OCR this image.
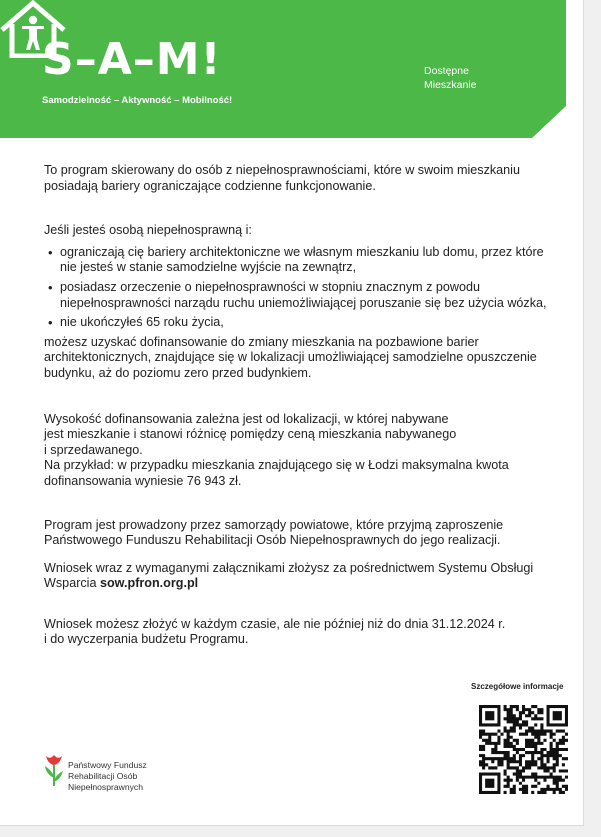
S–A–M!
Samodzielność – Aktywność – Mobilność!
Dostępne
Mieszkanie

To program skierowany do osób z niepełnosprawnościami, które w swoim mieszkaniu posiadają bariery ograniczające codzienne funkcjonowanie.

Jeśli jesteś osobą niepełnosprawną i:

• ograniczają cię bariery architektoniczne we własnym mieszkaniu lub domu, przez które nie jesteś w stanie samodzielne wyjście na zewnątrz,
• posiadasz orzeczenie o niepełnosprawności w stopniu znacznym z powodu niepełnosprawności narządu ruchu uniemożliwiającej poruszanie się bez użycia wózka,
• nie ukończyłeś 65 roku życia,

możesz uzyskać dofinansowanie do zmiany mieszkania na pozbawione barier architektonicznych, znajdujące się w lokalizacji umożliwiającej samodzielne opuszczenie budynku, aż do poziomu zero przed budynkiem.

Wysokość dofinansowania zależna jest od lokalizacji, w której nabywane
jest mieszkanie i stanowi różnicę pomiędzy ceną mieszkania nabywanego
i sprzedawanego.

Na przykład: w przypadku mieszkania znajdującego się w Łodzi maksymalna kwota dofinansowania wyniesie 76 943 zł.

Program jest prowadzony przez samorządy powiatowe, które przyjmą zaproszenie Państwowego Funduszu Rehabilitacji Osób Niepełnosprawnych do jego realizacji.

Wniosek wraz z wymaganymi załącznikami złożysz za pośrednictwem Systemu Obsługi Wsparcia sow.pfron.org.pl

Wniosek możesz złożyć w każdym czasie, ale nie później niż do dnia 31.12.2024 r.
i do wyczerpania budżetu Programu.

Szczegółowe informacje
Państwowy Fundusz
Rehabilitacji Osób
Niepełnosprawnych
